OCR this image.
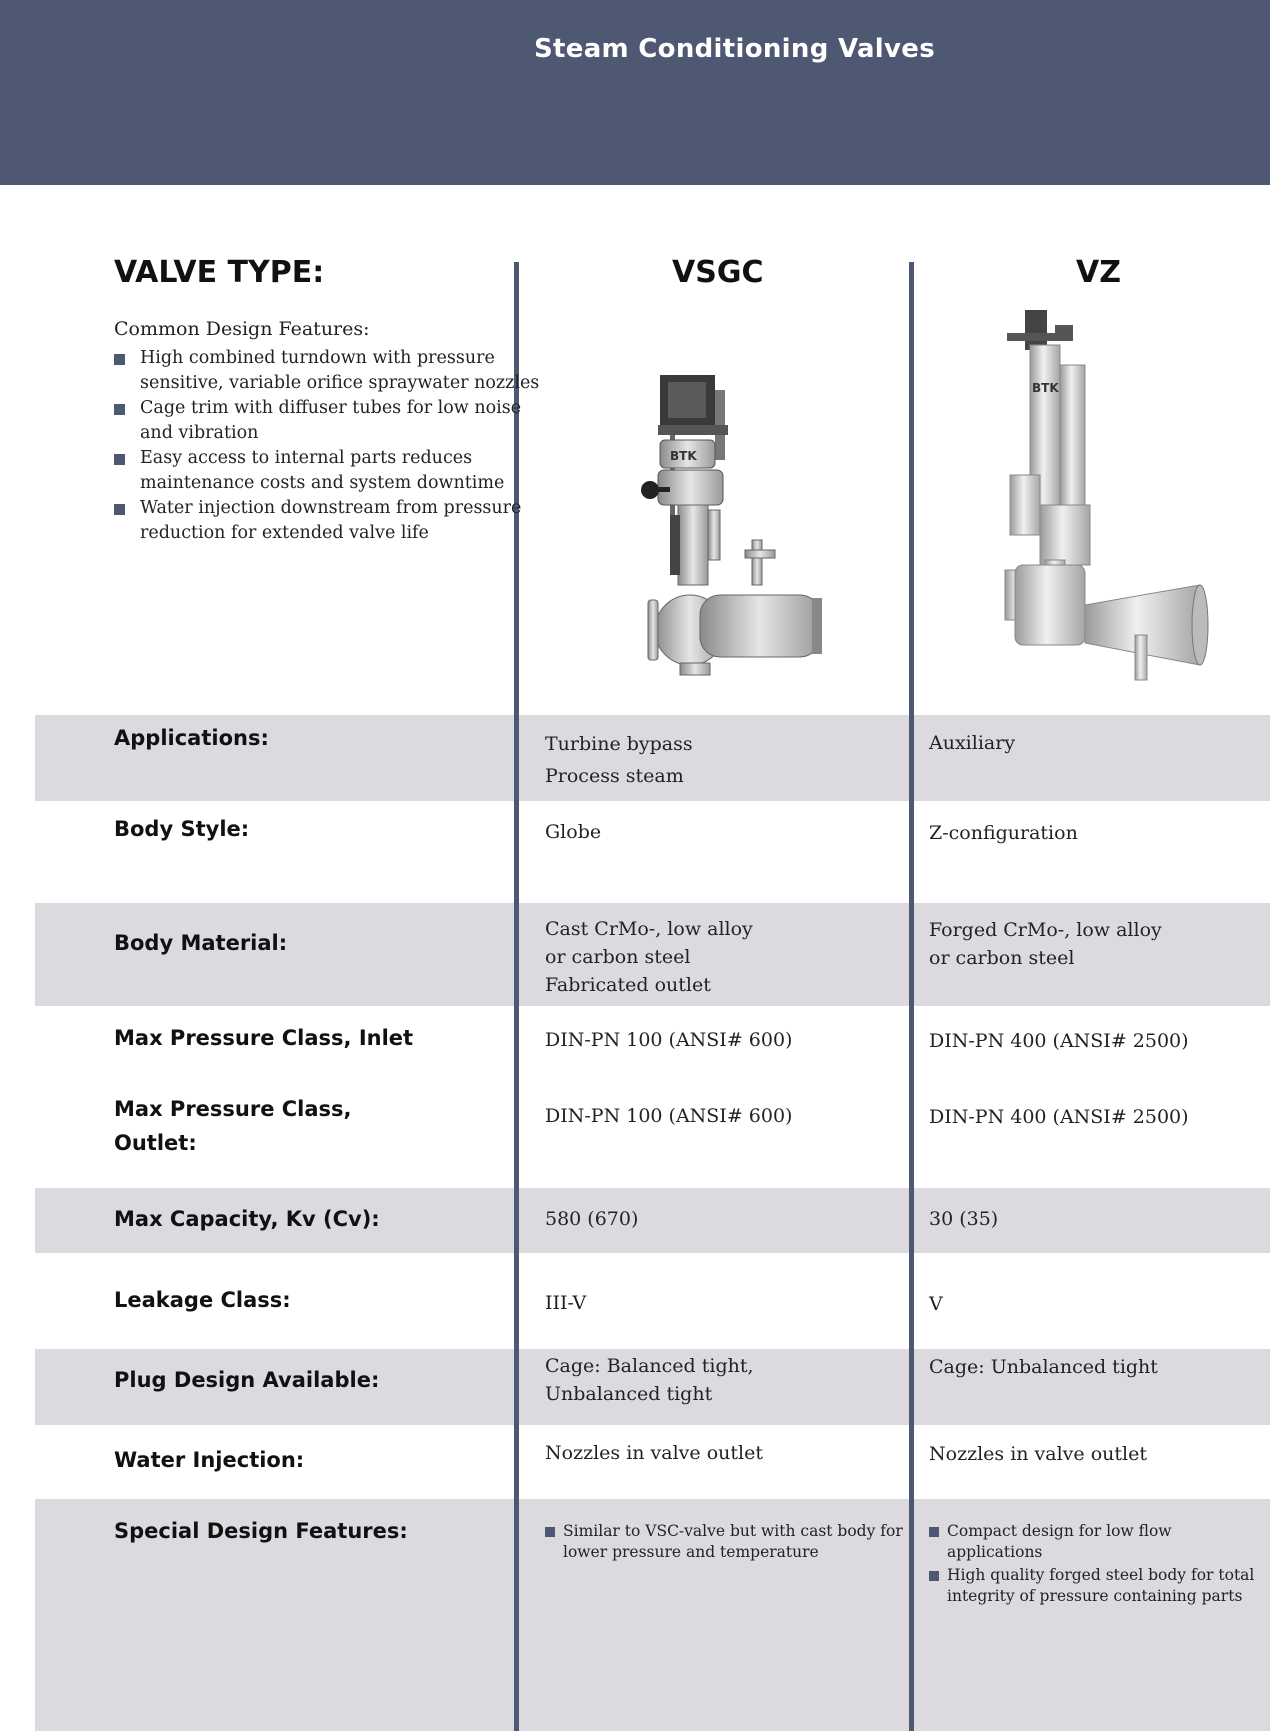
Steam Conditioning Valves
VALVE TYPE:	VSGC	VZ
Common Design Features:
High combined turndown with pressure
sensitive, variable orifice spraywater nozzles
Cage trim with diffuser tubes for low noise
and vibration
Easy access to internal parts reduces
maintenance costs and system downtime
Water injection downstream from pressure
reduction for extended valve life
BTK
BTK
Applications:
Body Style:
Body Material:
Max Pressure Class, Inlet
Max Pressure Class,
Outlet:
Max Capacity, Kv (Cv):
Leakage Class:
Plug Design Available:
Water Injection:
Special Design Features:
Turbine bypass
Process steam
Globe
Cast CrMo-, low alloy
or carbon steel
Fabricated outlet
DIN-PN 100 (ANSI# 600)
DIN-PN 100 (ANSI# 600)
580 (670)
III-V
Cage: Balanced tight,
Unbalanced tight
Nozzles in valve outlet
Similar to VSC-valve but with cast body for
lower pressure and temperature
Auxiliary
Z-configuration
Forged CrMo-, low alloy
or carbon steel
DIN-PN 400 (ANSI# 2500)
DIN-PN 400 (ANSI# 2500)
30 (35)
V
Cage: Unbalanced tight
Nozzles in valve outlet
Compact design for low flow applications
High quality forged steel body for total
integrity of pressure containing parts
